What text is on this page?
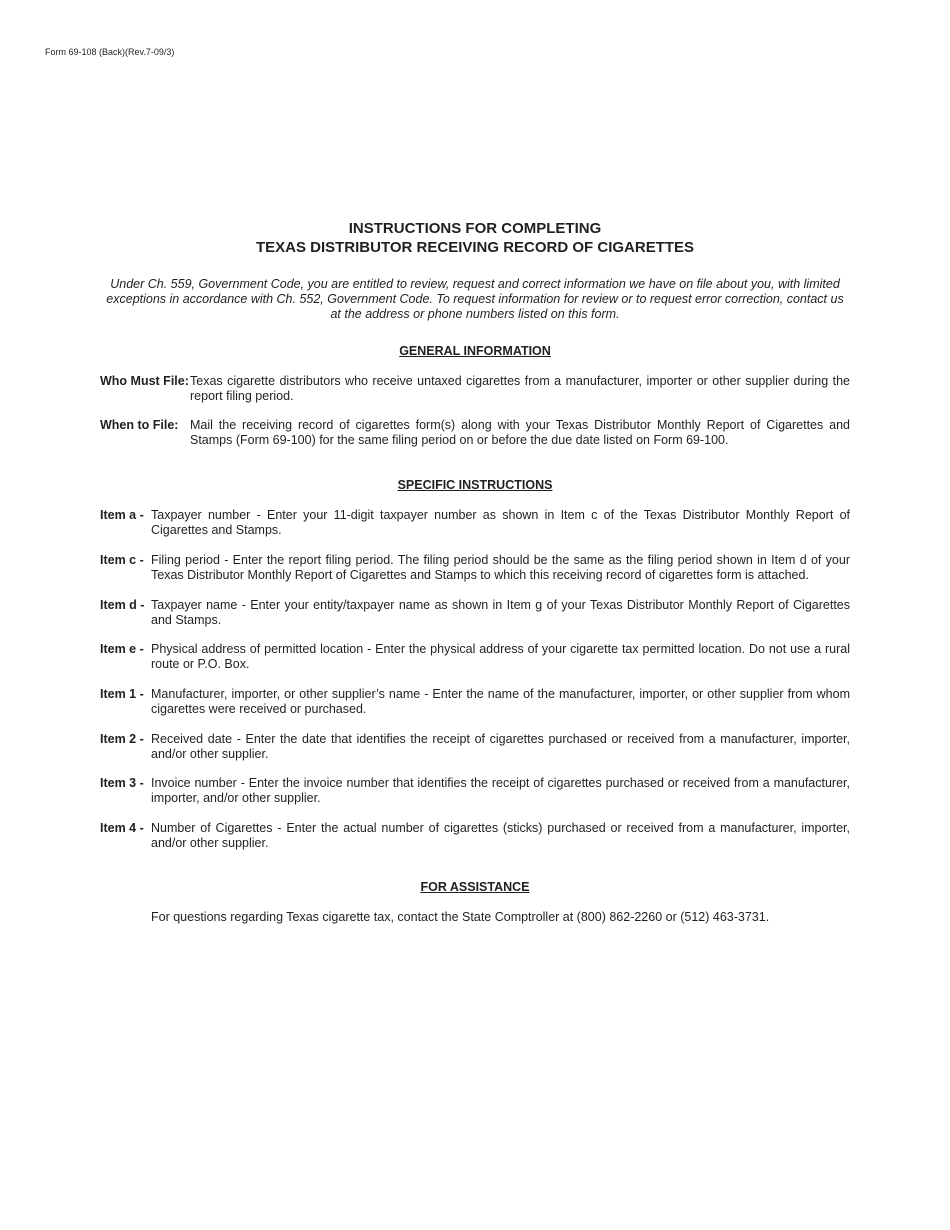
Form 69-108 (Back)(Rev.7-09/3)
INSTRUCTIONS FOR COMPLETING
TEXAS DISTRIBUTOR RECEIVING RECORD OF CIGARETTES
Under Ch. 559, Government Code, you are entitled to review, request and correct information we have on file about you, with limited exceptions in accordance with Ch. 552, Government Code. To request information for review or to request error correction, contact us at the address or phone numbers listed on this form.
GENERAL INFORMATION
Who Must File: Texas cigarette distributors who receive untaxed cigarettes from a manufacturer, importer or other supplier during the report filing period.
When to File: Mail the receiving record of cigarettes form(s) along with your Texas Distributor Monthly Report of Cigarettes and Stamps (Form 69-100) for the same filing period on or before the due date listed on Form 69-100.
SPECIFIC INSTRUCTIONS
Item a - Taxpayer number - Enter your 11-digit taxpayer number as shown in Item c of the Texas Distributor Monthly Report of Cigarettes and Stamps.
Item c - Filing period - Enter the report filing period. The filing period should be the same as the filing period shown in Item d of your Texas Distributor Monthly Report of Cigarettes and Stamps to which this receiving record of cigarettes form is attached.
Item d - Taxpayer name - Enter your entity/taxpayer name as shown in Item g of your Texas Distributor Monthly Report of Cigarettes and Stamps.
Item e - Physical address of permitted location - Enter the physical address of your cigarette tax permitted location. Do not use a rural route or P.O. Box.
Item 1 - Manufacturer, importer, or other supplier’s name - Enter the name of the manufacturer, importer, or other supplier from whom cigarettes were received or purchased.
Item 2 - Received date - Enter the date that identifies the receipt of cigarettes purchased or received from a manufacturer, importer, and/or other supplier.
Item 3 - Invoice number - Enter the invoice number that identifies the receipt of cigarettes purchased or received from a manufacturer, importer, and/or other supplier.
Item 4 - Number of Cigarettes - Enter the actual number of cigarettes (sticks) purchased or received from a manufacturer, importer, and/or other supplier.
FOR ASSISTANCE
For questions regarding Texas cigarette tax, contact the State Comptroller at (800) 862-2260 or (512) 463-3731.
